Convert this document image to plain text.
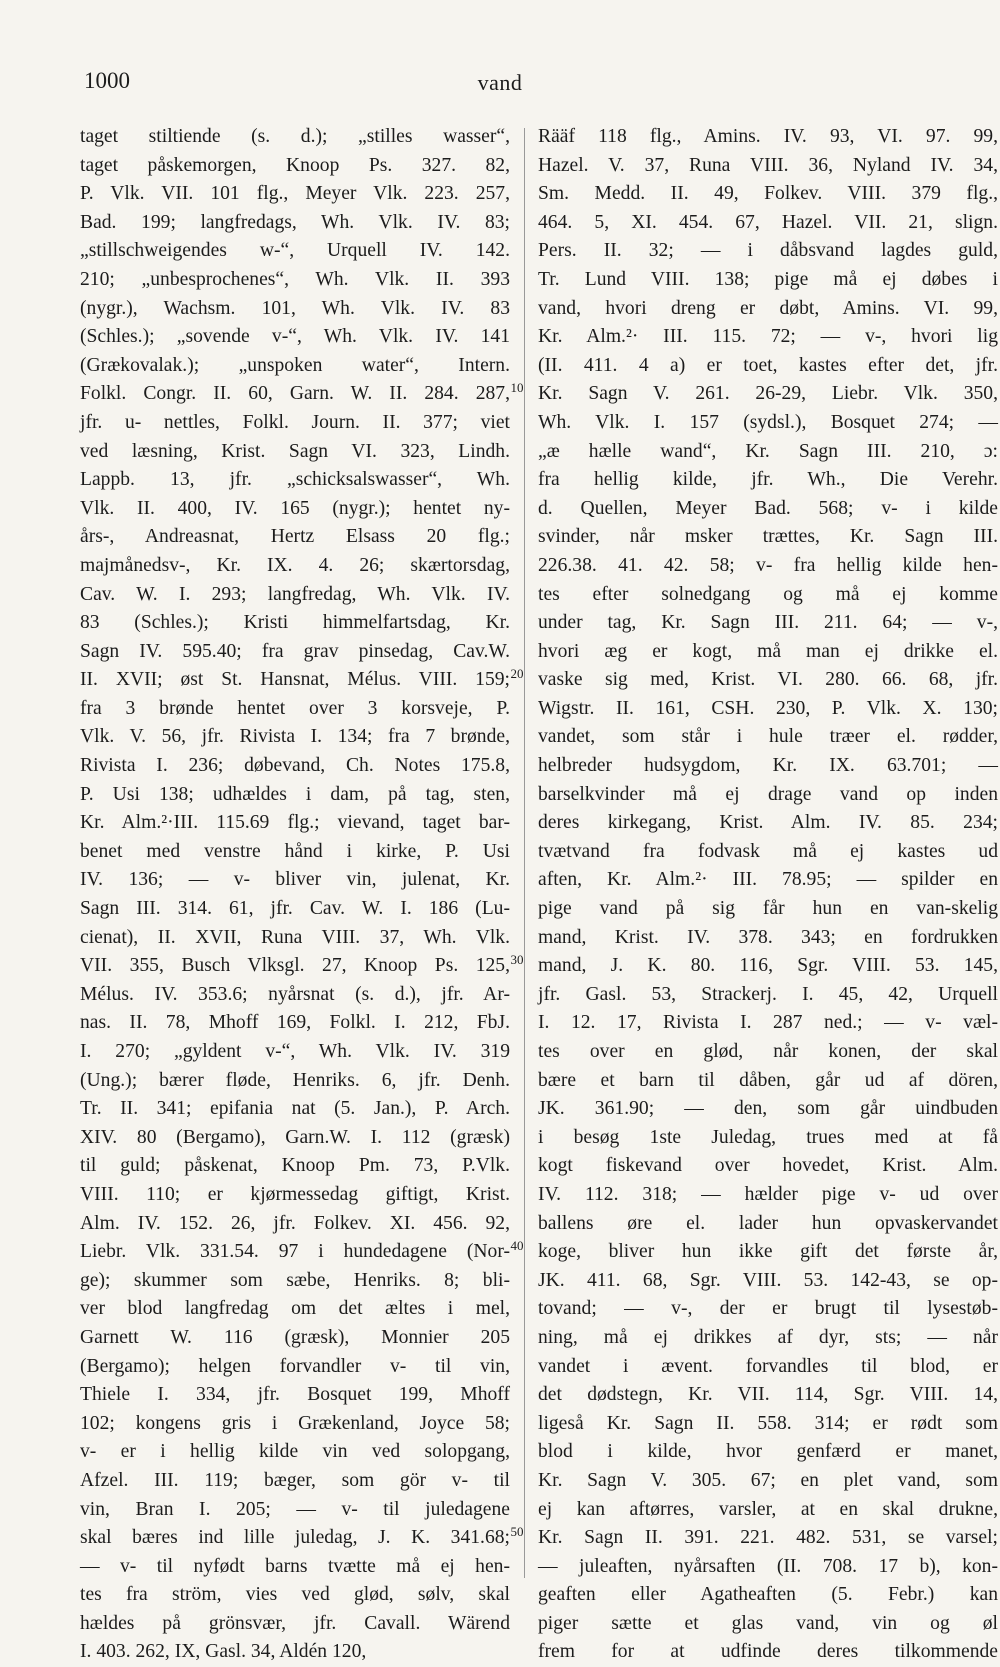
1000	vand
taget stiltiende (s. d.); „stilles wasser“,
taget påskemorgen, Knoop Ps. 327. 82,
P. Vlk. VII. 101 flg., Meyer Vlk. 223. 257,
Bad. 199; langfredags, Wh. Vlk. IV. 83;
„stillschweigendes w-“, Urquell IV. 142.
210; „unbesprochenes“, Wh. Vlk. II. 393
(nygr.), Wachsm. 101, Wh. Vlk. IV. 83
(Schles.); „sovende v-“, Wh. Vlk. IV. 141
(Grækovalak.); „unspoken water“, Intern.
Folkl. Congr. II. 60, Garn. W. II. 284. 287,
jfr. u- nettles, Folkl. Journ. II. 377; viet
ved læsning, Krist. Sagn VI. 323, Lindh.
Lappb. 13, jfr. „schicksalswasser“, Wh.
Vlk. II. 400, IV. 165 (nygr.); hentet ny-
års-, Andreasnat, Hertz Elsass 20 flg.;
majmånedsv-, Kr. IX. 4. 26; skærtorsdag,
Cav. W. I. 293; langfredag, Wh. Vlk. IV.
83 (Schles.); Kristi himmelfartsdag, Kr.
Sagn IV. 595.40; fra grav pinsedag, Cav.W.
II. XVII; øst St. Hansnat, Mélus. VIII. 159;
fra 3 brønde hentet over 3 korsveje, P.
Vlk. V. 56, jfr. Rivista I. 134; fra 7 brønde,
Rivista I. 236; døbevand, Ch. Notes 175.8,
P. Usi 138; udhældes i dam, på tag, sten,
Kr. Alm.²·III. 115.69 flg.; vievand, taget bar-
benet med venstre hånd i kirke, P. Usi
IV. 136; — v- bliver vin, julenat, Kr.
Sagn III. 314. 61, jfr. Cav. W. I. 186 (Lu-
cienat), II. XVII, Runa VIII. 37, Wh. Vlk.
VII. 355, Busch Vlksgl. 27, Knoop Ps. 125,
Mélus. IV. 353.6; nyårsnat (s. d.), jfr. Ar-
nas. II. 78, Mhoff 169, Folkl. I. 212, FbJ.
I. 270; „gyldent v-“, Wh. Vlk. IV. 319
(Ung.); bærer fløde, Henriks. 6, jfr. Denh.
Tr. II. 341; epifania nat (5. Jan.), P. Arch.
XIV. 80 (Bergamo), Garn.W. I. 112 (græsk)
til guld; påskenat, Knoop Pm. 73, P.Vlk.
VIII. 110; er kjørmessedag giftigt, Krist.
Alm. IV. 152. 26, jfr. Folkev. XI. 456. 92,
Liebr. Vlk. 331.54. 97 i hundedagene (Nor-
ge); skummer som sæbe, Henriks. 8; bli-
ver blod langfredag om det æltes i mel,
Garnett W. 116 (græsk), Monnier 205
(Bergamo); helgen forvandler v- til vin,
Thiele I. 334, jfr. Bosquet 199, Mhoff
102; kongens gris i Grækenland, Joyce 58;
v- er i hellig kilde vin ved solopgang,
Afzel. III. 119; bæger, som gör v- til
vin, Bran I. 205; — v- til juledagene
skal bæres ind lille juledag, J. K. 341.68;
— v- til nyfødt barns tvætte må ej hen-
tes fra ström, vies ved glød, sølv, skal
hældes på grönsvær, jfr. Cavall. Wärend
I. 403. 262, IX, Gasl. 34, Aldén 120,
Rääf 118 flg., Amins. IV. 93, VI. 97. 99,
Hazel. V. 37, Runa VIII. 36, Nyland IV. 34,
Sm. Medd. II. 49, Folkev. VIII. 379 flg.,
464. 5, XI. 454. 67, Hazel. VII. 21, slign.
Pers. II. 32; — i dåbsvand lagdes guld,
Tr. Lund VIII. 138; pige må ej døbes i
vand, hvori dreng er døbt, Amins. VI. 99,
Kr. Alm.²· III. 115. 72; — v-, hvori lig
(II. 411. 4 a) er toet, kastes efter det, jfr.
Kr. Sagn V. 261. 26-29, Liebr. Vlk. 350,
Wh. Vlk. I. 157 (sydsl.), Bosquet 274; —
„æ hælle wand“, Kr. Sagn III. 210, ɔ:
fra hellig kilde, jfr. Wh., Die Verehr.
d. Quellen, Meyer Bad. 568; v- i kilde
svinder, når msker trættes, Kr. Sagn III.
226.38. 41. 42. 58; v- fra hellig kilde hen-
tes efter solnedgang og må ej komme
under tag, Kr. Sagn III. 211. 64; — v-,
hvori æg er kogt, må man ej drikke el.
vaske sig med, Krist. VI. 280. 66. 68, jfr.
Wigstr. II. 161, CSH. 230, P. Vlk. X. 130;
vandet, som står i hule træer el. rødder,
helbreder hudsygdom, Kr. IX. 63.701; —
barselkvinder må ej drage vand op inden
deres kirkegang, Krist. Alm. IV. 85. 234;
tvætvand fra fodvask må ej kastes ud
aften, Kr. Alm.²· III. 78.95; — spilder en
pige vand på sig får hun en van-skelig
mand, Krist. IV. 378. 343; en fordrukken
mand, J. K. 80. 116, Sgr. VIII. 53. 145,
jfr. Gasl. 53, Strackerj. I. 45, 42, Urquell
I. 12. 17, Rivista I. 287 ned.; — v- væl-
tes over en glød, når konen, der skal
bære et barn til dåben, går ud af dören,
JK. 361.90; — den, som går uindbuden
i besøg 1ste Juledag, trues med at få
kogt fiskevand over hovedet, Krist. Alm.
IV. 112. 318; — hælder pige v- ud over
ballens øre el. lader hun opvaskervandet
koge, bliver hun ikke gift det første år,
JK. 411. 68, Sgr. VIII. 53. 142-43, se op-
tovand; — v-, der er brugt til lysestøb-
ning, må ej drikkes af dyr, sts; — når
vandet i ævent. forvandles til blod, er
det dødstegn, Kr. VII. 114, Sgr. VIII. 14,
ligeså Kr. Sagn II. 558. 314; er rødt som
blod i kilde, hvor genfærd er manet,
Kr. Sagn V. 305. 67; en plet vand, som
ej kan aftørres, varsler, at en skal drukne,
Kr. Sagn II. 391. 221. 482. 531, se varsel;
— juleaften, nyårsaften (II. 708. 17 b), kon-
geaften eller Agatheaften (5. Febr.) kan
piger sætte et glas vand, vin og øl
frem for at udfinde deres tilkommende
10
20
30
40
50
